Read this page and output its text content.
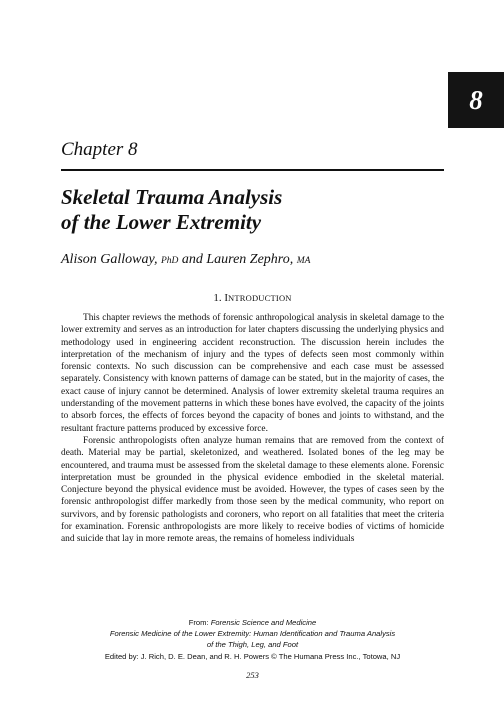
8
Chapter 8
Skeletal Trauma Analysis
of the Lower Extremity
Alison Galloway, PhD and Lauren Zephro, MA
1. INTRODUCTION

This chapter reviews the methods of forensic anthropological analysis in skeletal damage to the lower extremity and serves as an introduction for later chapters discussing the underlying physics and methodology used in engineering accident reconstruction. The discussion herein includes the interpretation of the mechanism of injury and the types of defects seen most commonly within forensic contexts. No such discussion can be comprehensive and each case must be assessed separately. Consistency with known patterns of damage can be stated, but in the majority of cases, the exact cause of injury cannot be determined. Analysis of lower extremity skeletal trauma requires an understanding of the movement patterns in which these bones have evolved, the capacity of the joints to absorb forces, the effects of forces beyond the capacity of bones and joints to withstand, and the resultant fracture patterns produced by excessive force.

Forensic anthropologists often analyze human remains that are removed from the context of death. Material may be partial, skeletonized, and weathered. Isolated bones of the leg may be encountered, and trauma must be assessed from the skeletal damage to these elements alone. Forensic interpretation must be grounded in the physical evidence embodied in the skeletal material. Conjecture beyond the physical evidence must be avoided. However, the types of cases seen by the forensic anthropologist differ markedly from those seen by the medical community, who report on survivors, and by forensic pathologists and coroners, who report on all fatalities that meet the criteria for examination. Forensic anthropologists are more likely to receive bodies of victims of homicide and suicide that lay in more remote areas, the remains of homeless individuals

From: Forensic Science and Medicine
Forensic Medicine of the Lower Extremity: Human Identification and Trauma Analysis
of the Thigh, Leg, and Foot
Edited by: J. Rich, D. E. Dean, and R. H. Powers © The Humana Press Inc., Totowa, NJ
253
